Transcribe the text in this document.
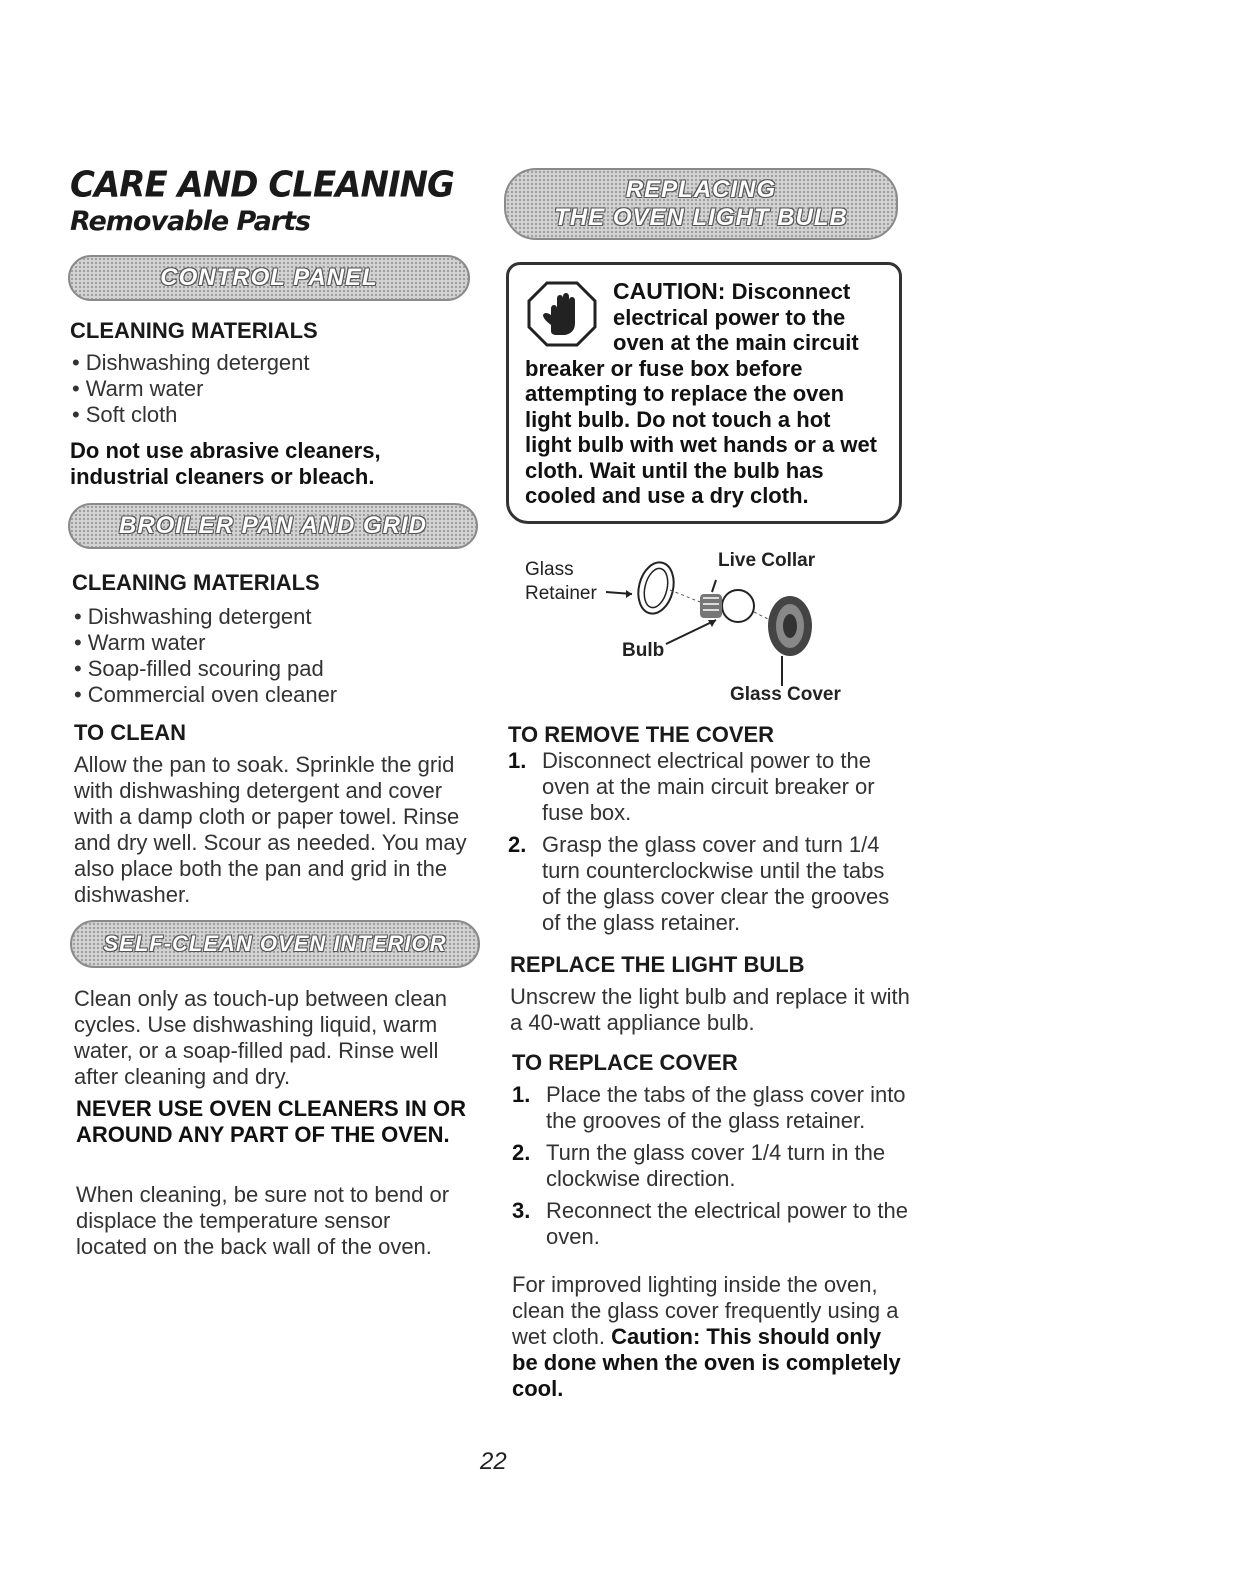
CARE AND CLEANING
Removable Parts
CONTROL PANEL
CLEANING MATERIALS
• Dishwashing detergent
• Warm water
• Soft cloth
Do not use abrasive cleaners, industrial cleaners or bleach.
BROILER PAN AND GRID
CLEANING MATERIALS
• Dishwashing detergent
• Warm water
• Soap-filled scouring pad
• Commercial oven cleaner
TO CLEAN
Allow the pan to soak. Sprinkle the grid with dishwashing detergent and cover with a damp cloth or paper towel. Rinse and dry well. Scour as needed. You may also place both the pan and grid in the dishwasher.
SELF-CLEAN OVEN INTERIOR
Clean only as touch-up between clean cycles. Use dishwashing liquid, warm water, or a soap-filled pad. Rinse well after cleaning and dry.
NEVER USE OVEN CLEANERS IN OR AROUND ANY PART OF THE OVEN.
When cleaning, be sure not to bend or displace the temperature sensor located on the back wall of the oven.
REPLACING
THE OVEN LIGHT BULB
CAUTION: Disconnect electrical power to the oven at the main circuit breaker or fuse box before attempting to replace the oven light bulb. Do not touch a hot light bulb with wet hands or a wet cloth. Wait until the bulb has cooled and use a dry cloth.
Glass Retainer
Live Collar
Bulb
Glass Cover
TO REMOVE THE COVER
1. Disconnect electrical power to the oven at the main circuit breaker or fuse box.
2. Grasp the glass cover and turn 1/4 turn counterclockwise until the tabs of the glass cover clear the grooves of the glass retainer.
REPLACE THE LIGHT BULB
Unscrew the light bulb and replace it with a 40-watt appliance bulb.
TO REPLACE COVER
1. Place the tabs of the glass cover into the grooves of the glass retainer.
2. Turn the glass cover 1/4 turn in the clockwise direction.
3. Reconnect the electrical power to the oven.
For improved lighting inside the oven, clean the glass cover frequently using a wet cloth. Caution: This should only be done when the oven is completely cool.
22
